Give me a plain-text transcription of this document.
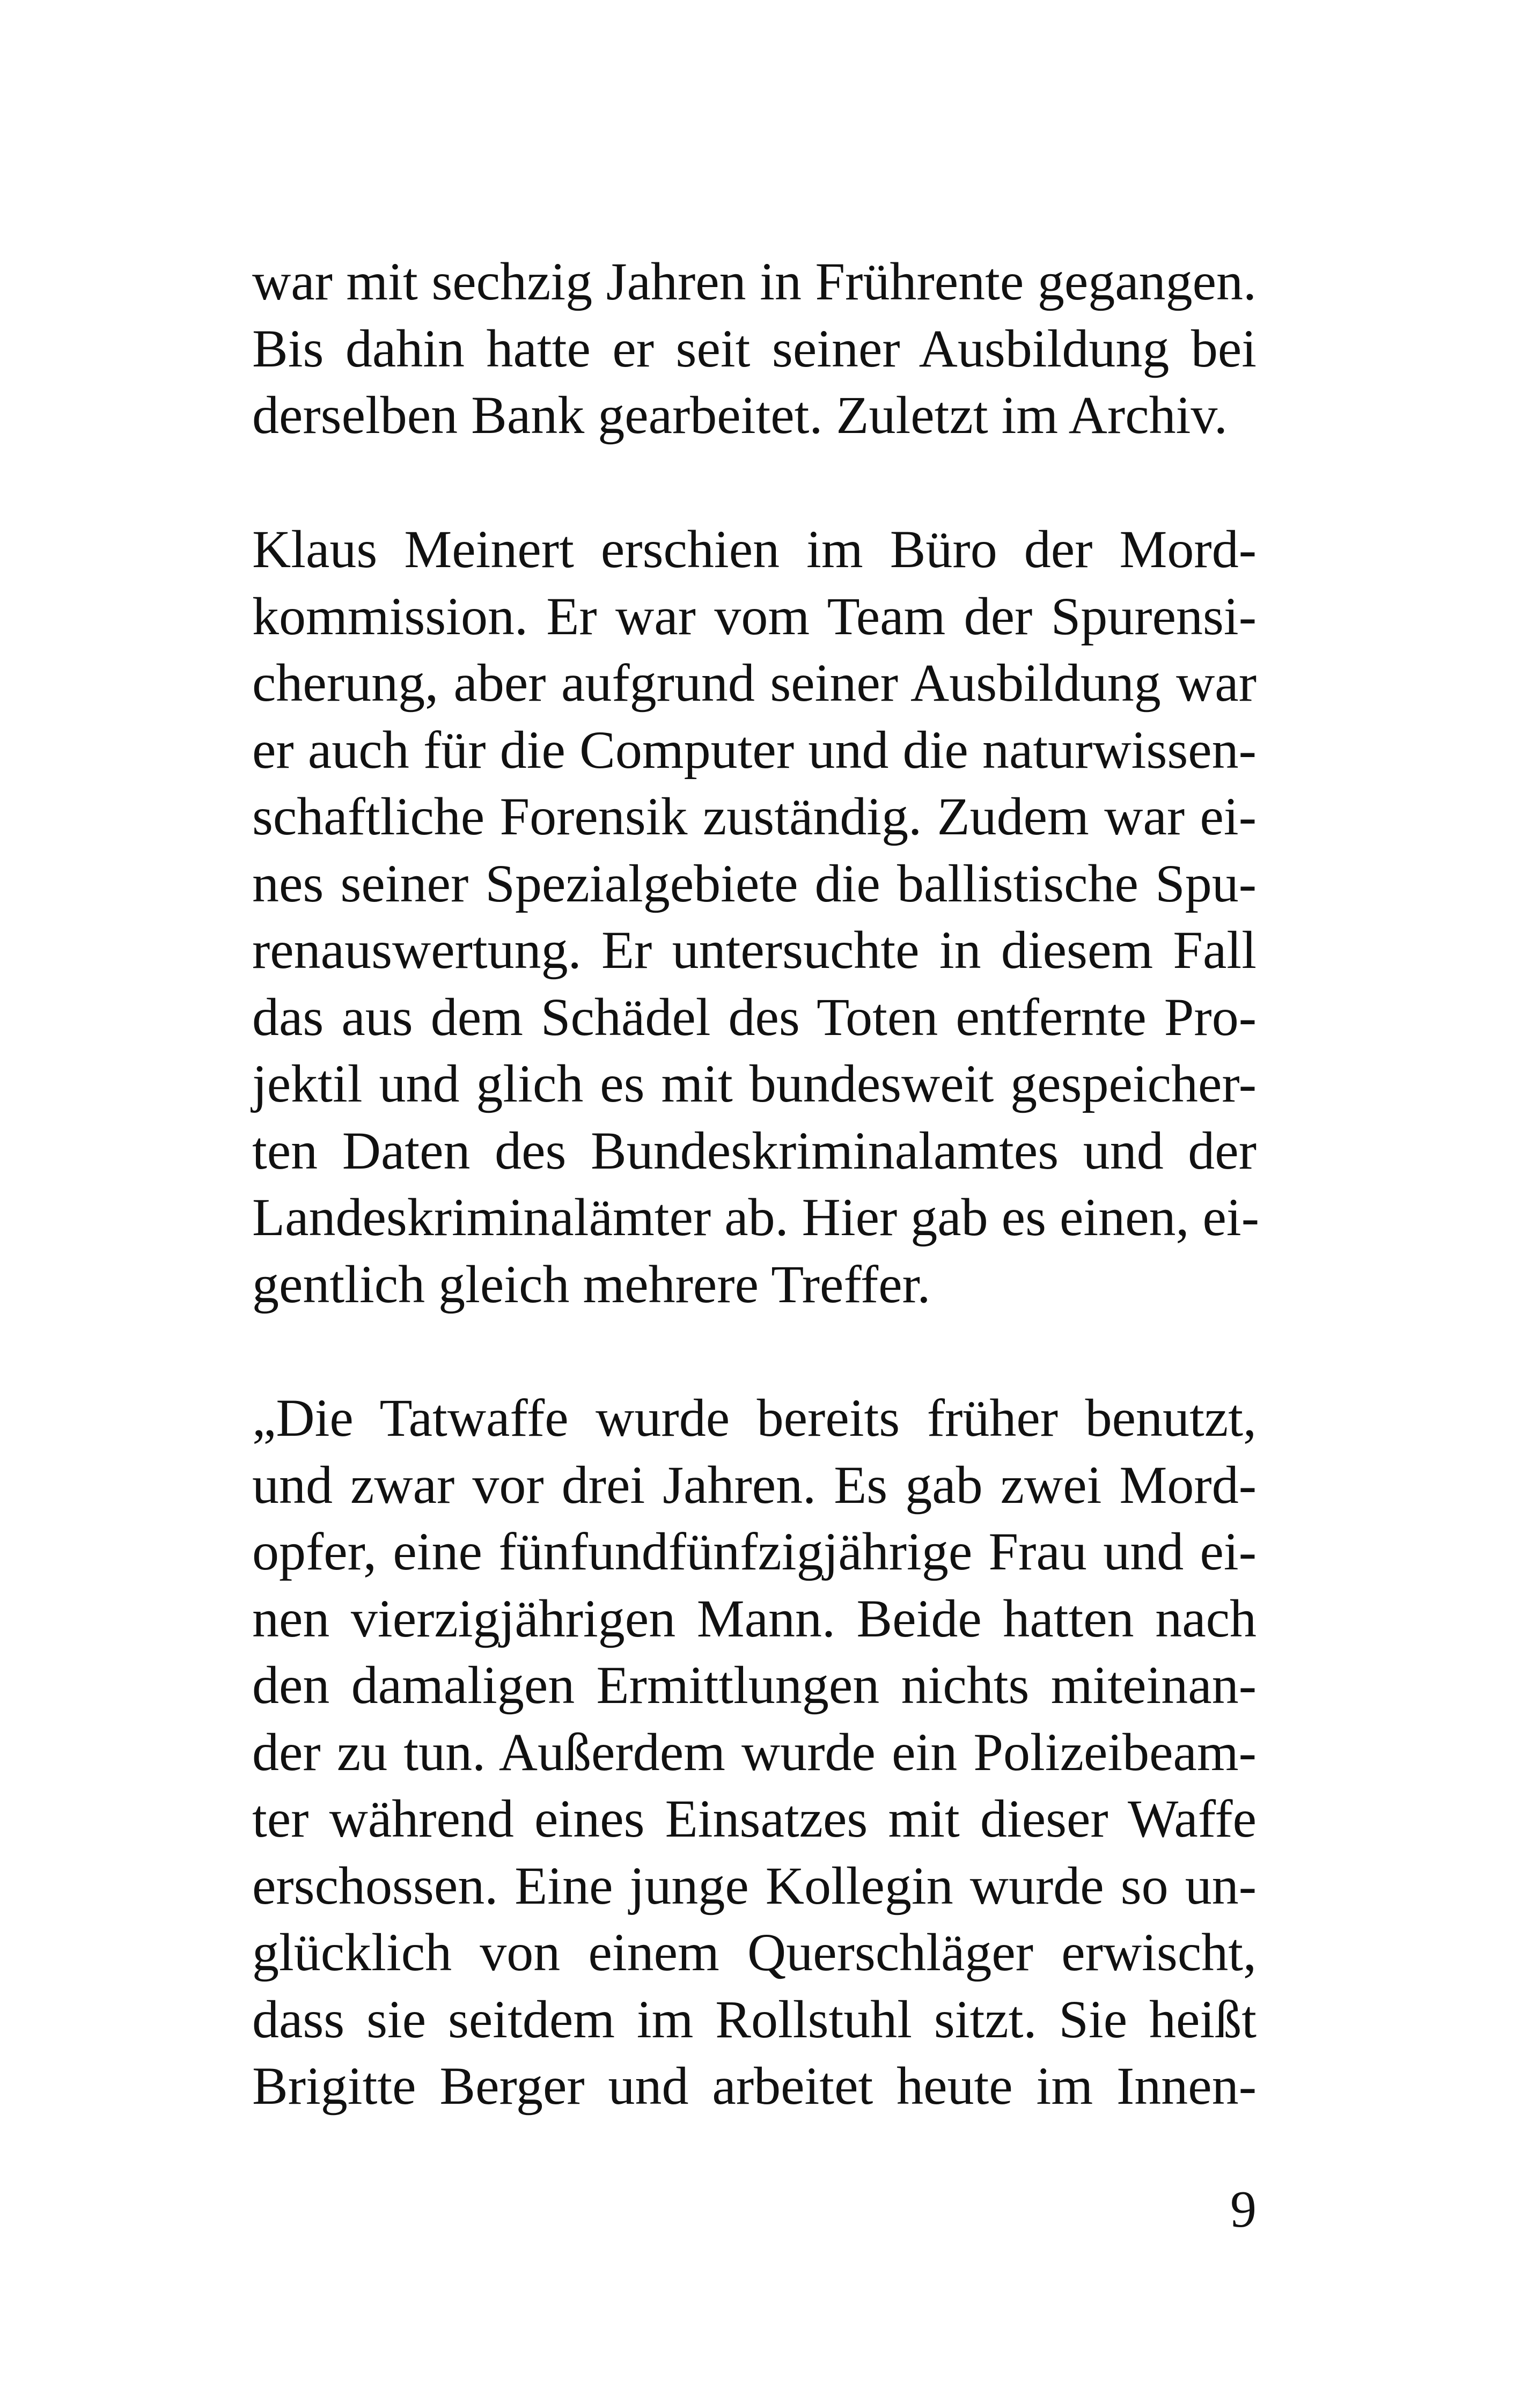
war mit sechzig Jahren in Frührente gegangen.
Bis dahin hatte er seit seiner Ausbildung bei
derselben Bank gearbeitet. Zuletzt im Archiv.
Klaus Meinert erschien im Büro der Mord-
kommission. Er war vom Team der Spurensi-
cherung, aber aufgrund seiner Ausbildung war
er auch für die Computer und die naturwissen-
schaftliche Forensik zuständig. Zudem war ei-
nes seiner Spezialgebiete die ballistische Spu-
renauswertung. Er untersuchte in diesem Fall
das aus dem Schädel des Toten entfernte Pro-
jektil und glich es mit bundesweit gespeicher-
ten Daten des Bundeskriminalamtes und der
Landeskriminalämter ab. Hier gab es einen, ei-
gentlich gleich mehrere Treffer.
„Die Tatwaffe wurde bereits früher benutzt,
und zwar vor drei Jahren. Es gab zwei Mord-
opfer, eine fünfundfünfzigjährige Frau und ei-
nen vierzigjährigen Mann. Beide hatten nach
den damaligen Ermittlungen nichts miteinan-
der zu tun. Außerdem wurde ein Polizeibeam-
ter während eines Einsatzes mit dieser Waffe
erschossen. Eine junge Kollegin wurde so un-
glücklich von einem Querschläger erwischt,
dass sie seitdem im Rollstuhl sitzt. Sie heißt
Brigitte Berger und arbeitet heute im Innen-
9
